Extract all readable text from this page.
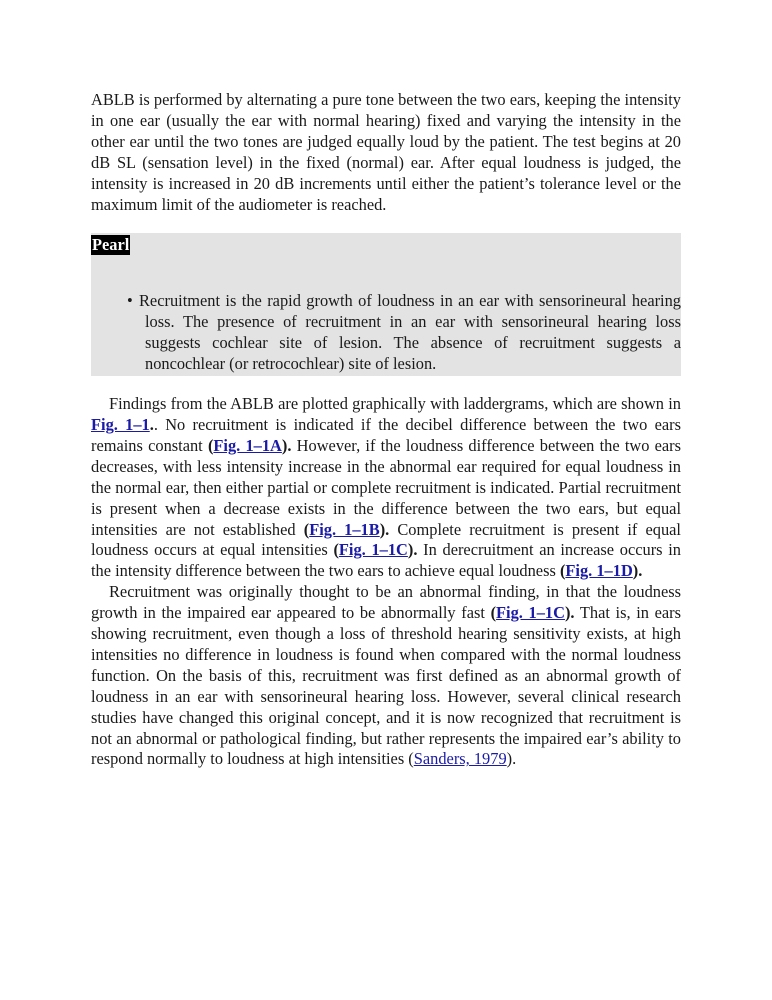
ABLB is performed by alternating a pure tone between the two ears, keeping the intensity in one ear (usually the ear with normal hearing) fixed and varying the intensity in the other ear until the two tones are judged equally loud by the patient. The test begins at 20 dB SL (sensation level) in the fixed (normal) ear. After equal loudness is judged, the intensity is increased in 20 dB increments until either the patient’s tolerance level or the maximum limit of the audiometer is reached.

Pearl

• Recruitment is the rapid growth of loudness in an ear with sensorineural hearing loss. The presence of recruitment in an ear with sensorineural hearing loss suggests cochlear site of lesion. The absence of recruitment suggests a noncochlear (or retrocochlear) site of lesion.

Findings from the ABLB are plotted graphically with laddergrams, which are shown in Fig. 1–1.. No recruitment is indicated if the decibel difference between the two ears remains constant (Fig. 1–1A). However, if the loudness difference between the two ears decreases, with less intensity increase in the abnormal ear required for equal loudness in the normal ear, then either partial or complete recruitment is indicated. Partial recruitment is present when a decrease exists in the difference between the two ears, but equal intensities are not established (Fig. 1–1B). Complete recruitment is present if equal loudness occurs at equal intensities (Fig. 1–1C). In derecruitment an increase occurs in the intensity difference between the two ears to achieve equal loudness (Fig. 1–1D).

Recruitment was originally thought to be an abnormal finding, in that the loudness growth in the impaired ear appeared to be abnormally fast (Fig. 1–1C). That is, in ears showing recruitment, even though a loss of threshold hearing sensitivity exists, at high intensities no difference in loudness is found when compared with the normal loudness function. On the basis of this, recruitment was first defined as an abnormal growth of loudness in an ear with sensorineural hearing loss. However, several clinical research studies have changed this original concept, and it is now recognized that recruitment is not an abnormal or pathological finding, but rather represents the impaired ear’s ability to respond normally to loudness at high intensities (Sanders, 1979).
